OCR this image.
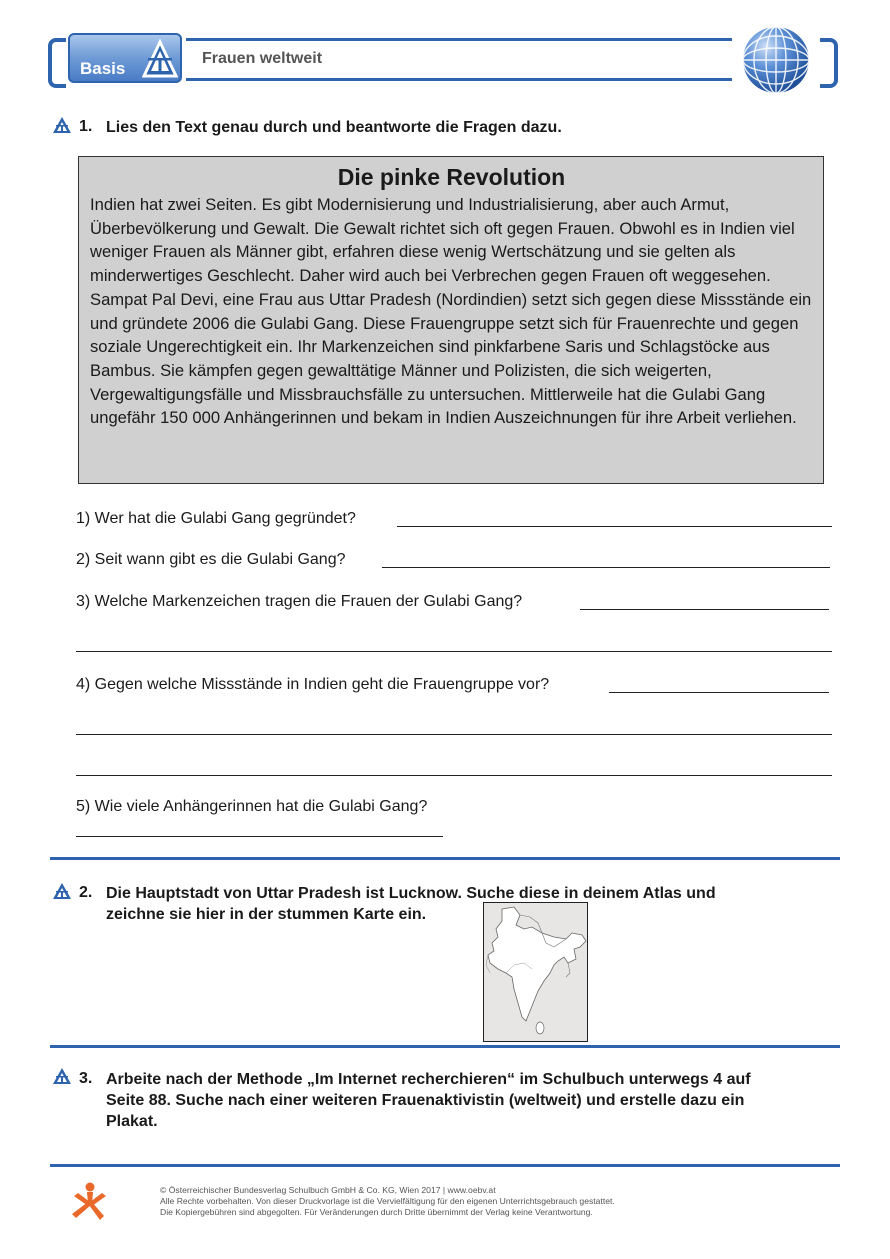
Basis
Frauen weltweit
1. Lies den Text genau durch und beantworte die Fragen dazu.
Die pinke Revolution

Indien hat zwei Seiten. Es gibt Modernisierung und Industrialisierung, aber auch Armut, Überbevölkerung und Gewalt. Die Gewalt richtet sich oft gegen Frauen. Obwohl es in Indien viel weniger Frauen als Männer gibt, erfahren diese wenig Wertschätzung und sie gelten als minderwertiges Geschlecht. Daher wird auch bei Verbrechen gegen Frauen oft weggesehen.

Sampat Pal Devi, eine Frau aus Uttar Pradesh (Nordindien) setzt sich gegen diese Missstände ein und gründete 2006 die Gulabi Gang. Diese Frauengruppe setzt sich für Frauenrechte und gegen soziale Ungerechtigkeit ein. Ihr Markenzeichen sind pinkfarbene Saris und Schlagstöcke aus Bambus. Sie kämpfen gegen gewalttätige Männer und Polizisten, die sich weigerten, Vergewaltigungsfälle und Missbrauchsfälle zu untersuchen. Mittlerweile hat die Gulabi Gang ungefähr 150 000 Anhängerinnen und bekam in Indien Auszeichnungen für ihre Arbeit verliehen.

1) Wer hat die Gulabi Gang gegründet?
2) Seit wann gibt es die Gulabi Gang?
3) Welche Markenzeichen tragen die Frauen der Gulabi Gang?
4) Gegen welche Missstände in Indien geht die Frauengruppe vor?
5) Wie viele Anhängerinnen hat die Gulabi Gang?
2. Die Hauptstadt von Uttar Pradesh ist Lucknow. Suche diese in deinem Atlas und
zeichne sie hier in der stummen Karte ein.
3. Arbeite nach der Methode „Im Internet recherchieren“ im Schulbuch unterwegs 4 auf
Seite 88. Suche nach einer weiteren Frauenaktivistin (weltweit) und erstelle dazu ein
Plakat.
© Österreichischer Bundesverlag Schulbuch GmbH & Co. KG, Wien 2017 | www.oebv.at
Alle Rechte vorbehalten. Von dieser Druckvorlage ist die Vervielfältigung für den eigenen Unterrichtsgebrauch gestattet.
Die Kopiergebühren sind abgegolten. Für Veränderungen durch Dritte übernimmt der Verlag keine Verantwortung.
